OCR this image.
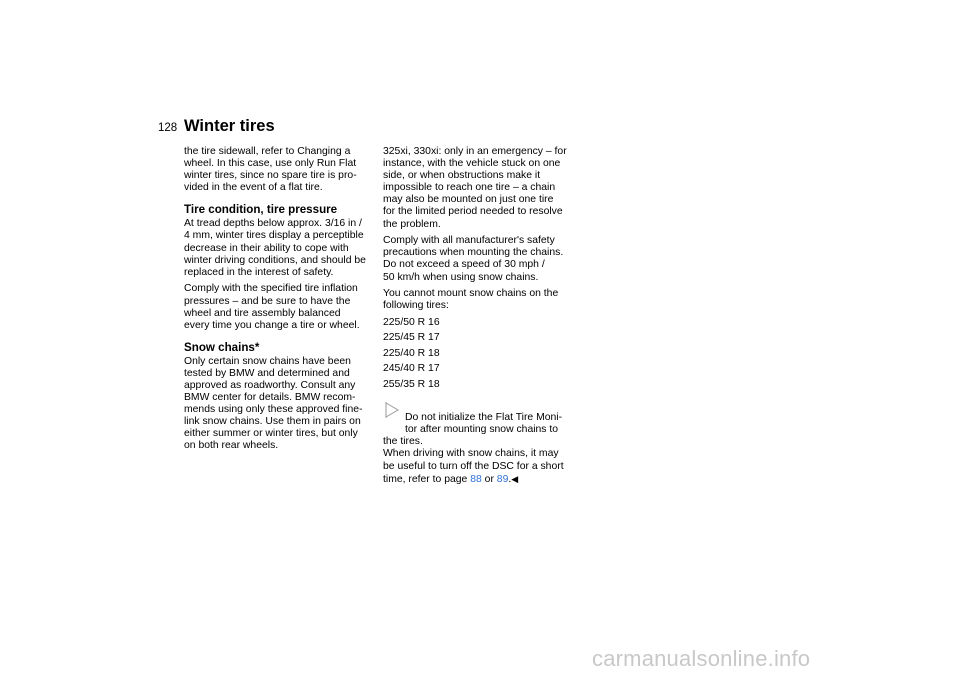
128 Winter tires

the tire sidewall, refer to Changing a
wheel. In this case, use only Run Flat
winter tires, since no spare tire is pro-
vided in the event of a flat tire.

Tire condition, tire pressure

At tread depths below approx. 3/16 in /
4 mm, winter tires display a perceptible
decrease in their ability to cope with
winter driving conditions, and should be
replaced in the interest of safety.

Comply with the specified tire inflation
pressures – and be sure to have the
wheel and tire assembly balanced
every time you change a tire or wheel.

Snow chains*

Only certain snow chains have been
tested by BMW and determined and
approved as roadworthy. Consult any
BMW center for details. BMW recom-
mends using only these approved fine-
link snow chains. Use them in pairs on
either summer or winter tires, but only
on both rear wheels.

325xi, 330xi: only in an emergency – for
instance, with the vehicle stuck on one
side, or when obstructions make it
impossible to reach one tire – a chain
may also be mounted on just one tire
for the limited period needed to resolve
the problem.

Comply with all manufacturer's safety
precautions when mounting the chains.
Do not exceed a speed of 30 mph /
50 km/h when using snow chains.

You cannot mount snow chains on the
following tires:

225/50 R 16

225/45 R 17

225/40 R 18

245/40 R 17

255/35 R 18

Do not initialize the Flat Tire Moni-
tor after mounting snow chains to
the tires.
When driving with snow chains, it may
be useful to turn off the DSC for a short
time, refer to page 88 or 89.◀

carmanualsonline.info
